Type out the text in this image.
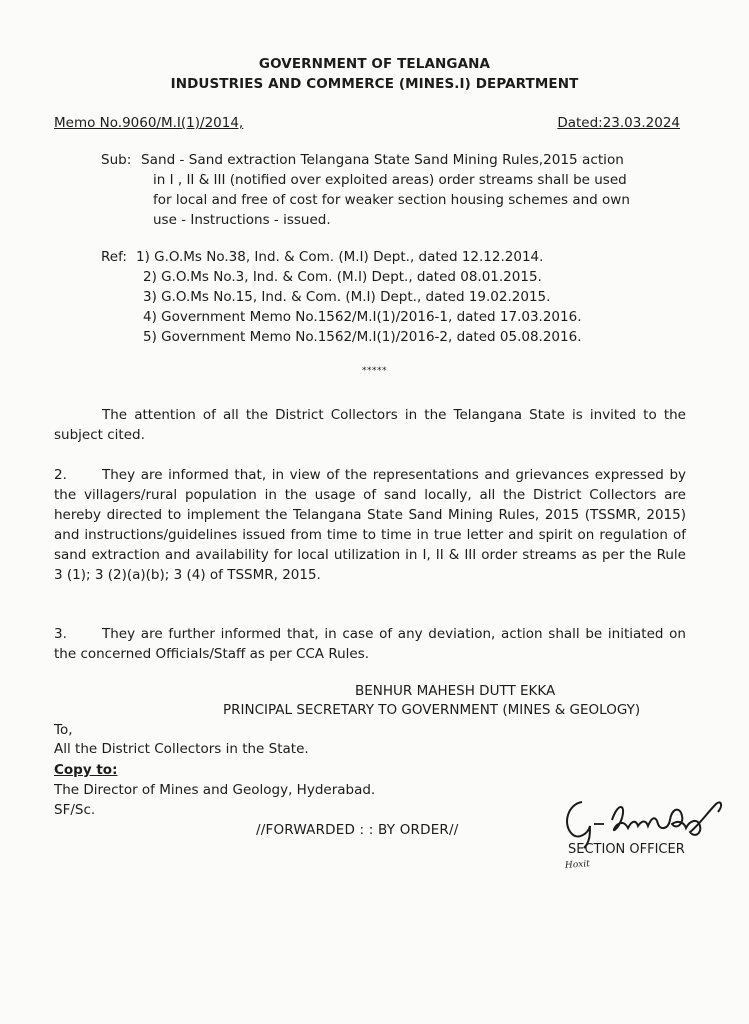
GOVERNMENT OF TELANGANA
INDUSTRIES AND COMMERCE (MINES.I) DEPARTMENT
Memo No.9060/M.I(1)/2014,	Dated:23.03.2024
Sub: Sand - Sand extraction Telangana State Sand Mining Rules,2015 action
in I , II & III (notified over exploited areas) order streams shall be used
for local and free of cost for weaker section housing schemes and own
use - Instructions - issued.
Ref: 1) G.O.Ms No.38, Ind. & Com. (M.I) Dept., dated 12.12.2014.
2) G.O.Ms No.3, Ind. & Com. (M.I) Dept., dated 08.01.2015.
3) G.O.Ms No.15, Ind. & Com. (M.I) Dept., dated 19.02.2015.
4) Government Memo No.1562/M.I(1)/2016-1, dated 17.03.2016.
5) Government Memo No.1562/M.I(1)/2016-2, dated 05.08.2016.
*****
The attention of all the District Collectors in the Telangana State is invited to the subject cited.
2.	They are informed that, in view of the representations and grievances expressed by the villagers/rural population in the usage of sand locally, all the District Collectors are hereby directed to implement the Telangana State Sand Mining Rules, 2015 (TSSMR, 2015) and instructions/guidelines issued from time to time in true letter and spirit on regulation of sand extraction and availability for local utilization in I, II & III order streams as per the Rule 3 (1); 3 (2)(a)(b); 3 (4) of TSSMR, 2015.
3.	They are further informed that, in case of any deviation, action shall be initiated on the concerned Officials/Staff as per CCA Rules.
BENHUR MAHESH DUTT EKKA
PRINCIPAL SECRETARY TO GOVERNMENT (MINES & GEOLOGY)
To,
All the District Collectors in the State.
Copy to:
The Director of Mines and Geology, Hyderabad.
SF/Sc.
//FORWARDED : : BY ORDER//
SECTION OFFICER
Hoxit
